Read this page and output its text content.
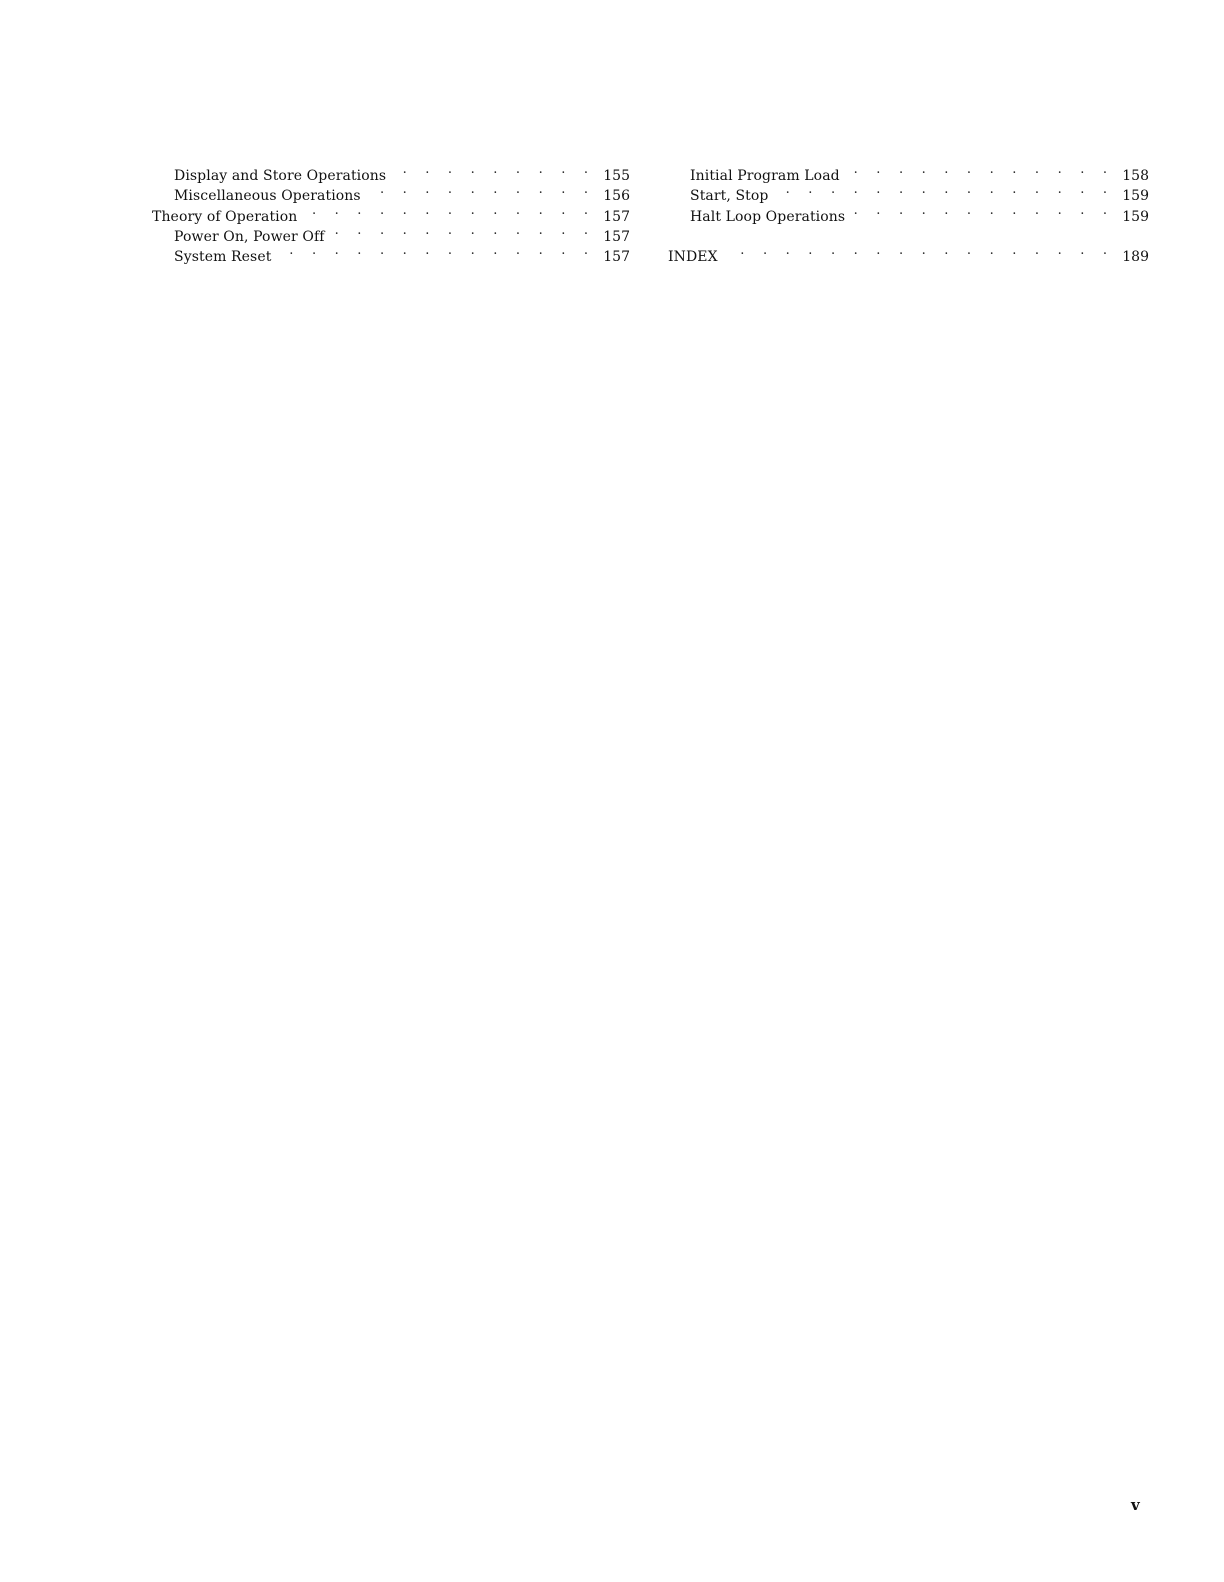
Display and Store Operations . . .	155
Miscellaneous Operations . . .	156
Theory of Operation . . .	157
Power On, Power Off . . .	157
System Reset . . .	157
Initial Program Load . . .	158
Start, Stop . . .	159
Halt Loop Operations . . .	159
INDEX . . .	189
v
